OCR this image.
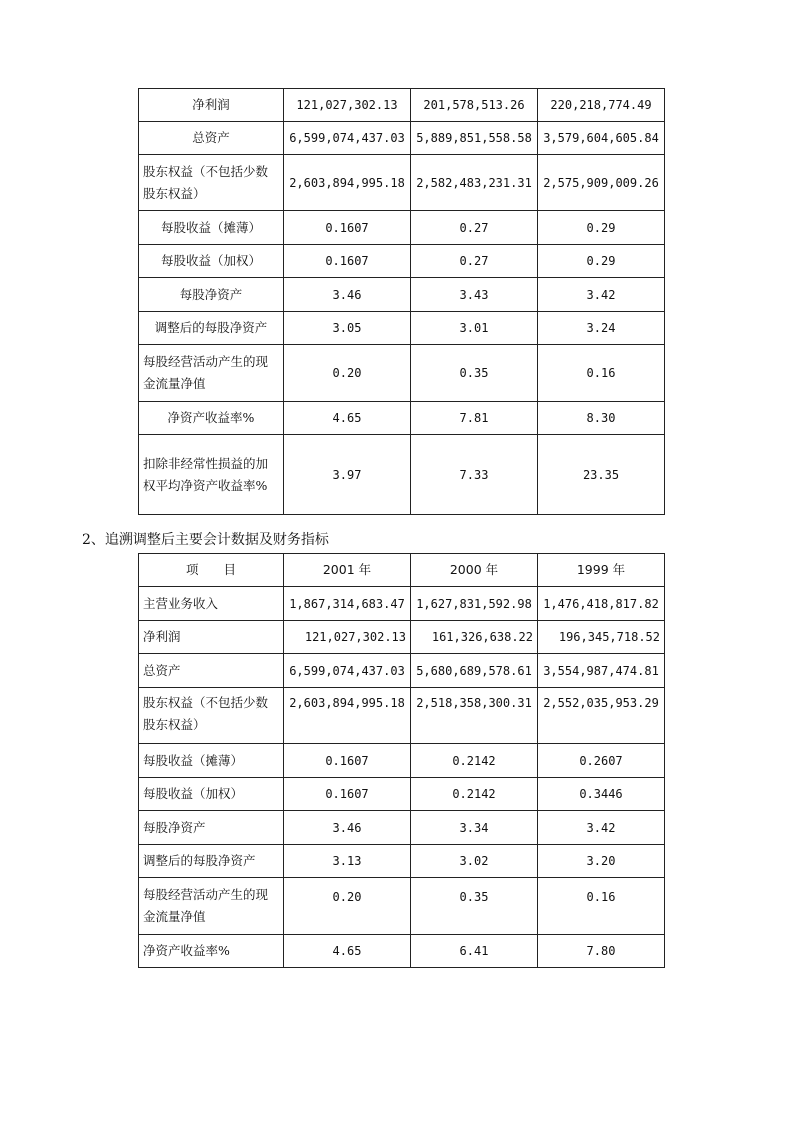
净利润	121,027,302.13	201,578,513.26	220,218,774.49
总资产	6,599,074,437.03	5,889,851,558.58	3,579,604,605.84
股东权益（不包括少数股东权益）	2,603,894,995.18	2,582,483,231.31	2,575,909,009.26
每股收益（摊薄）	0.1607	0.27	0.29
每股收益（加权）	0.1607	0.27	0.29
每股净资产	3.46	3.43	3.42
调整后的每股净资产	3.05	3.01	3.24
每股经营活动产生的现金流量净值	0.20	0.35	0.16
净资产收益率%	4.65	7.81	8.30
扣除非经常性损益的加权平均净资产收益率%	3.97	7.33	23.35
2、追溯调整后主要会计数据及财务指标
项　　目	2001 年	2000 年	1999 年
主营业务收入	1,867,314,683.47	1,627,831,592.98	1,476,418,817.82
净利润	121,027,302.13	161,326,638.22	196,345,718.52
总资产	6,599,074,437.03	5,680,689,578.61	3,554,987,474.81
股东权益（不包括少数股东权益）	2,603,894,995.18	2,518,358,300.31	2,552,035,953.29
每股收益（摊薄）	0.1607	0.2142	0.2607
每股收益（加权）	0.1607	0.2142	0.3446
每股净资产	3.46	3.34	3.42
调整后的每股净资产	3.13	3.02	3.20
每股经营活动产生的现金流量净值	0.20	0.35	0.16
净资产收益率%	4.65	6.41	7.80
